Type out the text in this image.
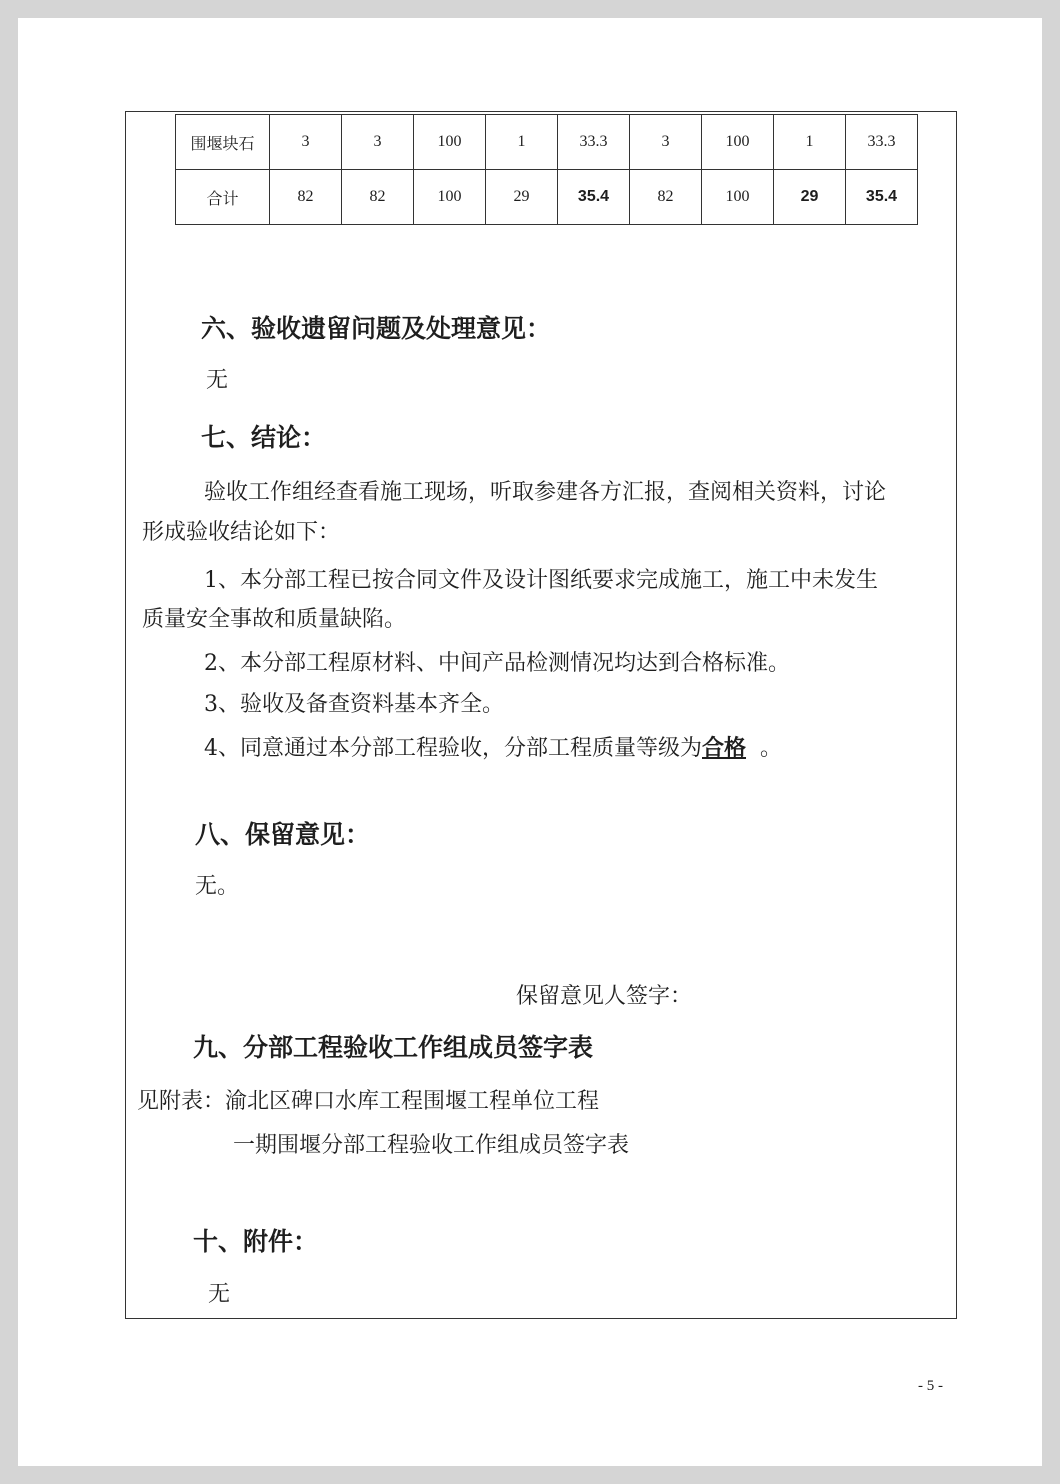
围堰块石	3	3	100	1	33.3	3	100	1	33.3
合计	82	82	100	29	35.4	82	100	29	35.4
六、验收遗留问题及处理意见：
无
七、结论：
验收工作组经查看施工现场，听取参建各方汇报，查阅相关资料，讨论
形成验收结论如下：
1、本分部工程已按合同文件及设计图纸要求完成施工，施工中未发生
质量安全事故和质量缺陷。
2、本分部工程原材料、中间产品检测情况均达到合格标准。
3、验收及备查资料基本齐全。
4、同意通过本分部工程验收，分部工程质量等级为合格 。
八、保留意见：
无。
保留意见人签字：
九、分部工程验收工作组成员签字表
见附表：渝北区碑口水库工程围堰工程单位工程
一期围堰分部工程验收工作组成员签字表
十、附件：
无
- 5 -
